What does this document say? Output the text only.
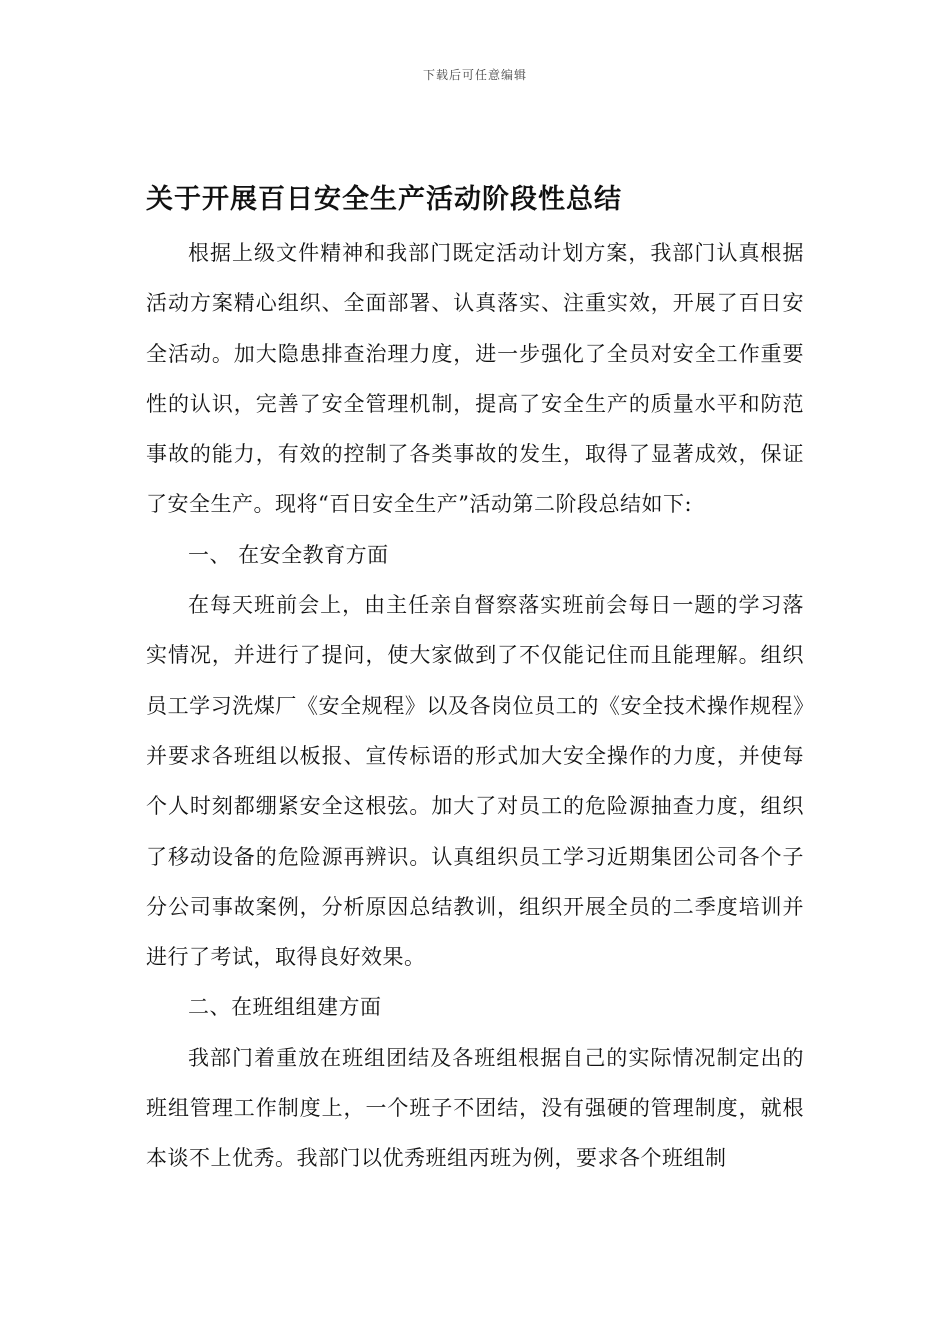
下载后可任意编辑
关于开展百日安全生产活动阶段性总结

根据上级文件精神和我部门既定活动计划方案，我部门认真根据活动方案精心组织、全面部署、认真落实、注重实效，开展了百日安全活动。加大隐患排查治理力度，进一步强化了全员对安全工作重要性的认识，完善了安全管理机制，提高了安全生产的质量水平和防范事故的能力，有效的控制了各类事故的发生，取得了显著成效，保证了安全生产。现将“百日安全生产”活动第二阶段总结如下:

一、 在安全教育方面

在每天班前会上，由主任亲自督察落实班前会每日一题的学习落实情况，并进行了提问，使大家做到了不仅能记住而且能理解。组织员工学习洗煤厂《安全规程》以及各岗位员工的《安全技术操作规程》并要求各班组以板报、宣传标语的形式加大安全操作的力度，并使每个人时刻都绷紧安全这根弦。加大了对员工的危险源抽查力度，组织了移动设备的危险源再辨识。认真组织员工学习近期集团公司各个子分公司事故案例，分析原因总结教训，组织开展全员的二季度培训并进行了考试，取得良好效果。

二、在班组组建方面

我部门着重放在班组团结及各班组根据自己的实际情况制定出的班组管理工作制度上，一个班子不团结，没有强硬的管理制度，就根本谈不上优秀。我部门以优秀班组丙班为例，要求各个班组制
